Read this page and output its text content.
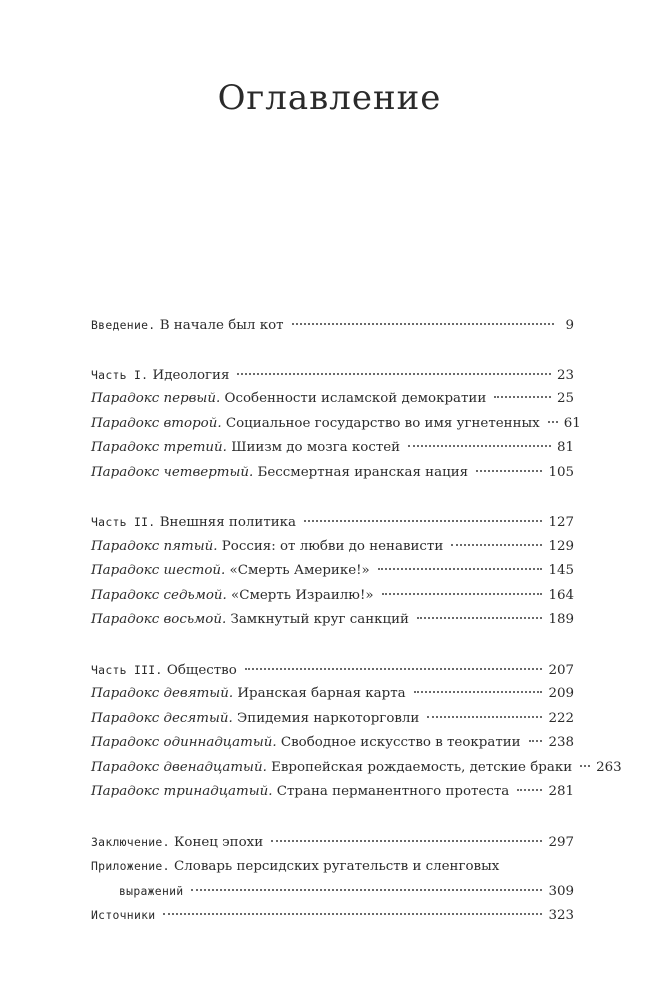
Оглавление
Введение. В начале был кот	9
Часть I. Идеология	23
Парадокс первый. Особенности исламской демократии	25
Парадокс второй. Социальное государство во имя угнетенных 61
Парадокс третий. Шиизм до мозга костей	81
Парадокс четвертый. Бессмертная иранская нация	105
Часть II. Внешняя политика	127
Парадокс пятый. Россия: от любви до ненависти	129
Парадокс шестой. «Смерть Америке!»	145
Парадокс седьмой. «Смерть Израилю!»	164
Парадокс восьмой. Замкнутый круг санкций	189
Часть III. Общество	207
Парадокс девятый. Иранская барная карта	209
Парадокс десятый. Эпидемия наркоторговли	222
Парадокс одиннадцатый. Свободное искусство в теократии 238
Парадокс двенадцатый. Европейская рождаемость, детские браки 263
Парадокс тринадцатый. Страна перманентного протеста	281
Заключение. Конец эпохи	297
Приложение. Словарь персидских ругательств и сленговых
выражений	309
Источники	323
